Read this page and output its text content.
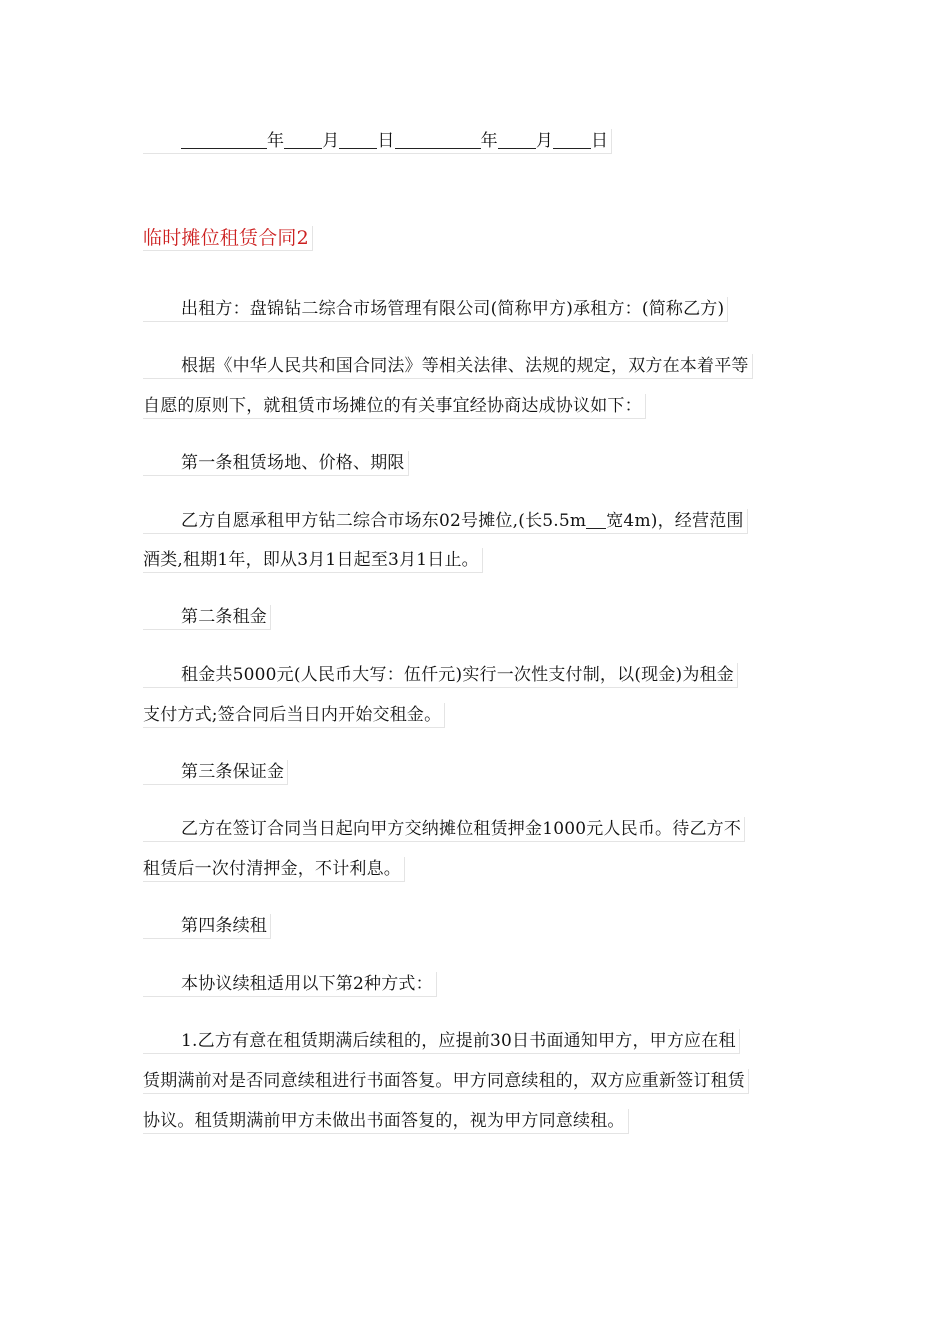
年 月 日	年 月 日
临时摊位租赁合同2
出租方：盘锦钻二综合市场管理有限公司(简称甲方)承租方：(简称乙方)
根据《中华人民共和国合同法》等相关法律、法规的规定，双方在本着平等
自愿的原则下，就租赁市场摊位的有关事宜经协商达成协议如下：
第一条租赁场地、价格、期限
乙方自愿承租甲方钻二综合市场东02号摊位,(长5.5m 宽4m)，经营范围
酒类,租期1年，即从3月1日起至3月1日止。
第二条租金
租金共5000元(人民币大写：伍仟元)实行一次性支付制，以(现金)为租金
支付方式;签合同后当日内开始交租金。
第三条保证金
乙方在签订合同当日起向甲方交纳摊位租赁押金1000元人民币。待乙方不
租赁后一次付清押金，不计利息。
第四条续租
本协议续租适用以下第2种方式：
1.乙方有意在租赁期满后续租的，应提前30日书面通知甲方，甲方应在租
赁期满前对是否同意续租进行书面答复。甲方同意续租的，双方应重新签订租赁
协议。租赁期满前甲方未做出书面答复的，视为甲方同意续租。
